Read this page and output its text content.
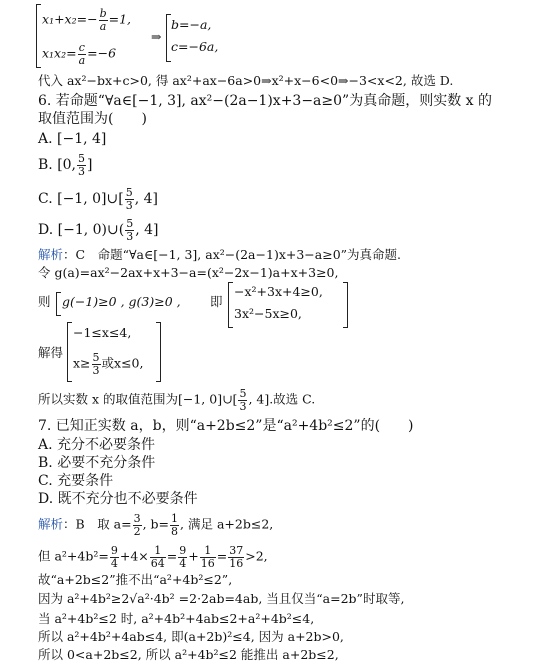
$x_1+x_2=- \frac{b}{a} =1$,
$x_1x_2= \frac{c}{a} =-6$
⇒
b=−a,
c=−6a,
代入 ax²−bx+c>0, 得 ax²+ax−6a>0⇒x²+x−6<0⇒−3<x<2, 故选 D.
6. 若命题“∀a∈[−1, 3], ax²−(2a−1)x+3−a≥0”为真命题，则实数 x 的
取值范围为(　　)
A. [−1, 4]
B. [0, $\frac{5}{3}$ ]
C. [−1, 0]∪[ $\frac{5}{3}$ , 4]
D. [−1, 0)∪( $\frac{5}{3}$ , 4]
解析：C　命题“∀a∈[−1, 3], ax²−(2a−1)x+3−a≥0”为真命题.
令 g(a)=ax²−2ax+x+3−a=(x²−2x−1)a+x+3≥0,
则 g(−1)≥0 , g(3)≥0 , 即
−x²+3x+4≥0,
3x²−5x≥0,
解得
−1≤x≤4,
$x\ge \frac{5}{3}$ 或x≤0,
所以实数 x 的取值范围为[−1, 0]∪[ $\frac{5}{3}$ , 4].故选 C.
7. 已知正实数 a，b，则“a+2b≤2”是“a²+4b²≤2”的(　　)
A. 充分不必要条件
B. 必要不充分条件
C. 充要条件
D. 既不充分也不必要条件
解析：B　取 $a= \frac{3}{2}$ , $b= \frac{1}{8}$ , 满足 a+2b≤2,
但 $a^2+4b^2= \frac{9}{4} +4\times \frac{1}{64} = \frac{9}{4} + \frac{1}{16} = \frac{37}{16} >2$,
故“a+2b≤2”推不出“a²+4b²≤2”,
因为 a²+4b²≥2√a²·4b² =2·2ab=4ab, 当且仅当“a=2b”时取等,
当 a²+4b²≤2 时, a²+4b²+4ab≤2+a²+4b²≤4,
所以 a²+4b²+4ab≤4, 即(a+2b)²≤4, 因为 a+2b>0,
所以 0<a+2b≤2, 所以 a²+4b²≤2 能推出 a+2b≤2,
